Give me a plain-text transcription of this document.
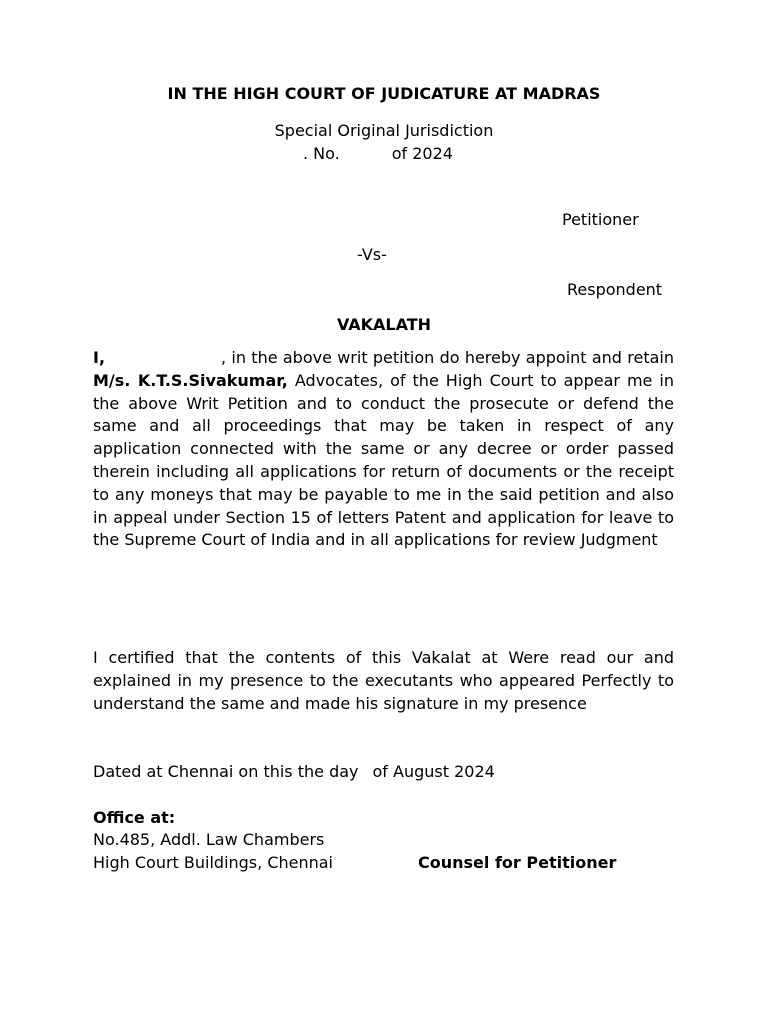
IN THE HIGH COURT OF JUDICATURE AT MADRAS
Special Original Jurisdiction
. No.	of 2024
Petitioner
-Vs-
Respondent
VAKALATH
I,	, in the above writ petition do hereby appoint and retain M/s. K.T.S.Sivakumar, Advocates, of the High Court to appear me in the above Writ Petition and to conduct the prosecute or defend the same and all proceedings that may be taken in respect of any application connected with the same or any decree or order passed therein including all applications for return of documents or the receipt to any moneys that may be payable to me in the said petition and also in appeal under Section 15 of letters Patent and application for leave to the Supreme Court of India and in all applications for review Judgment
I certified that the contents of this Vakalat at Were read our and explained in my presence to the executants who appeared Perfectly to understand the same and made his signature in my presence
Dated at Chennai on this the day of August 2024
Office at:
No.485, Addl. Law Chambers
High Court Buildings, Chennai	Counsel for Petitioner
